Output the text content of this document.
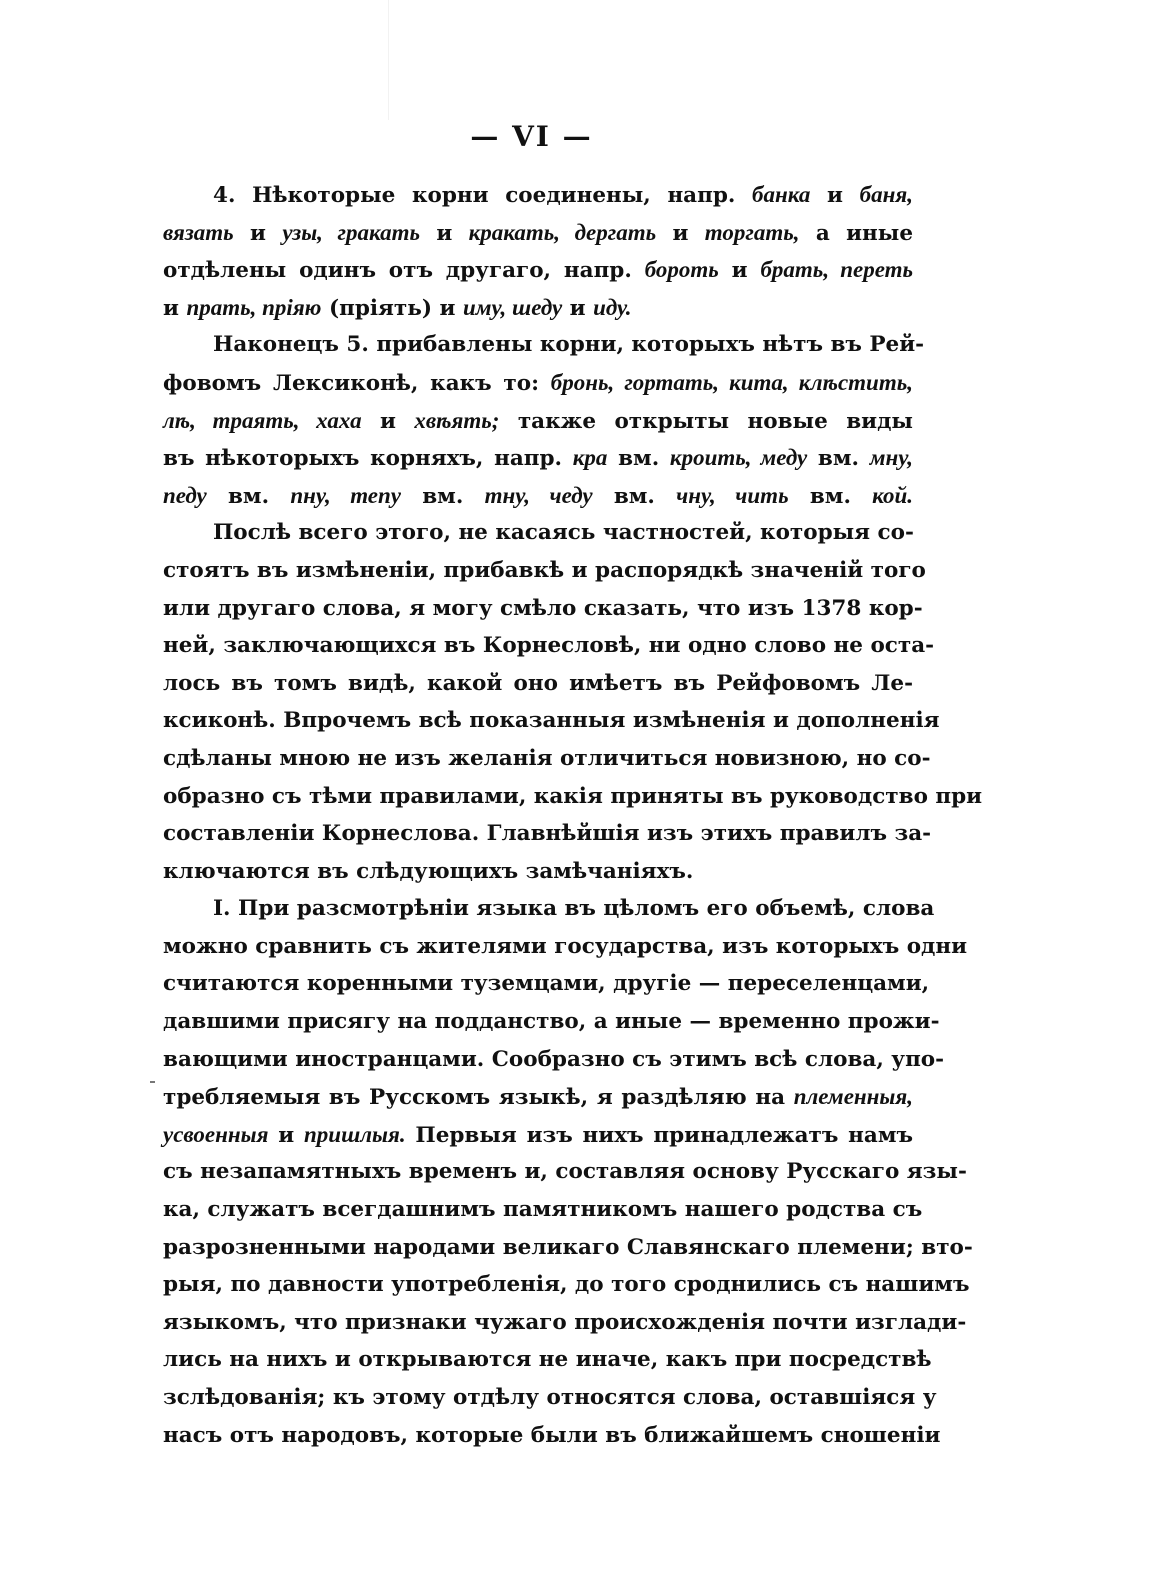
— VI —
4. Нѣкоторые корни соединены, напр. банка и баня,
вязать и узы, гракать и кракать, дергать и торгать, а иные
отдѣлены одинъ отъ другаго, напр. бороть и брать, переть
и прать, прiяю (прiять) и иму, шеду и иду.
Наконецъ 5. прибавлены корни, которыхъ нѣтъ въ Рей-
фовомъ Лексиконѣ, какъ то: бронь, гортать, кита, клѣстить,
лѣ, траять, хаха и хвѣять; также открыты новые виды
въ нѣкоторыхъ корняхъ, напр. кра вм. кроить, меду вм. мну,
педу вм. пну, тепу вм. тну, чеду вм. чну, чить вм. кой.
Послѣ всего этого, не касаясь частностей, которыя со-
стоятъ въ измѣненiи, прибавкѣ и распорядкѣ значенiй того
или другаго слова, я могу смѣло сказать, что изъ 1378 кор-
ней, заключающихся въ Корнесловѣ, ни одно слово не оста-
лось въ томъ видѣ, какой оно имѣетъ въ Рейфовомъ Ле-
ксиконѣ. Впрочемъ всѣ показанныя измѣненiя и дополненiя
сдѣланы мною не изъ желанiя отличиться новизною, но со-
образно съ тѣми правилами, какiя приняты въ руководство при
составленiи Корнеслова. Главнѣйшiя изъ этихъ правилъ за-
ключаются въ слѣдующихъ замѣчанiяхъ.
I. При разсмотрѣнiи языка въ цѣломъ его объемѣ, слова
можно сравнить съ жителями государства, изъ которыхъ одни
считаются коренными туземцами, другiе — переселенцами,
давшими присягу на подданство, а иные — временно прожи-
вающими иностранцами. Сообразно съ этимъ всѣ слова, упо-
требляемыя въ Русскомъ языкѣ, я раздѣляю на племенныя,
усвоенныя и пришлыя. Первыя изъ нихъ принадлежатъ намъ
съ незапамятныхъ временъ и, составляя основу Русскаго язы-
ка, служатъ всегдашнимъ памятникомъ нашего родства съ
разрозненными народами великаго Славянскаго племени; вто-
рыя, по давности употребленiя, до того сроднились съ нашимъ
языкомъ, что признаки чужаго происхожденiя почти изглади-
лись на нихъ и открываются не иначе, какъ при посредствѣ
зслѣдованiя; къ этому отдѣлу относятся слова, оставшiяся у
насъ отъ народовъ, которые были въ ближайшемъ сношенiи
